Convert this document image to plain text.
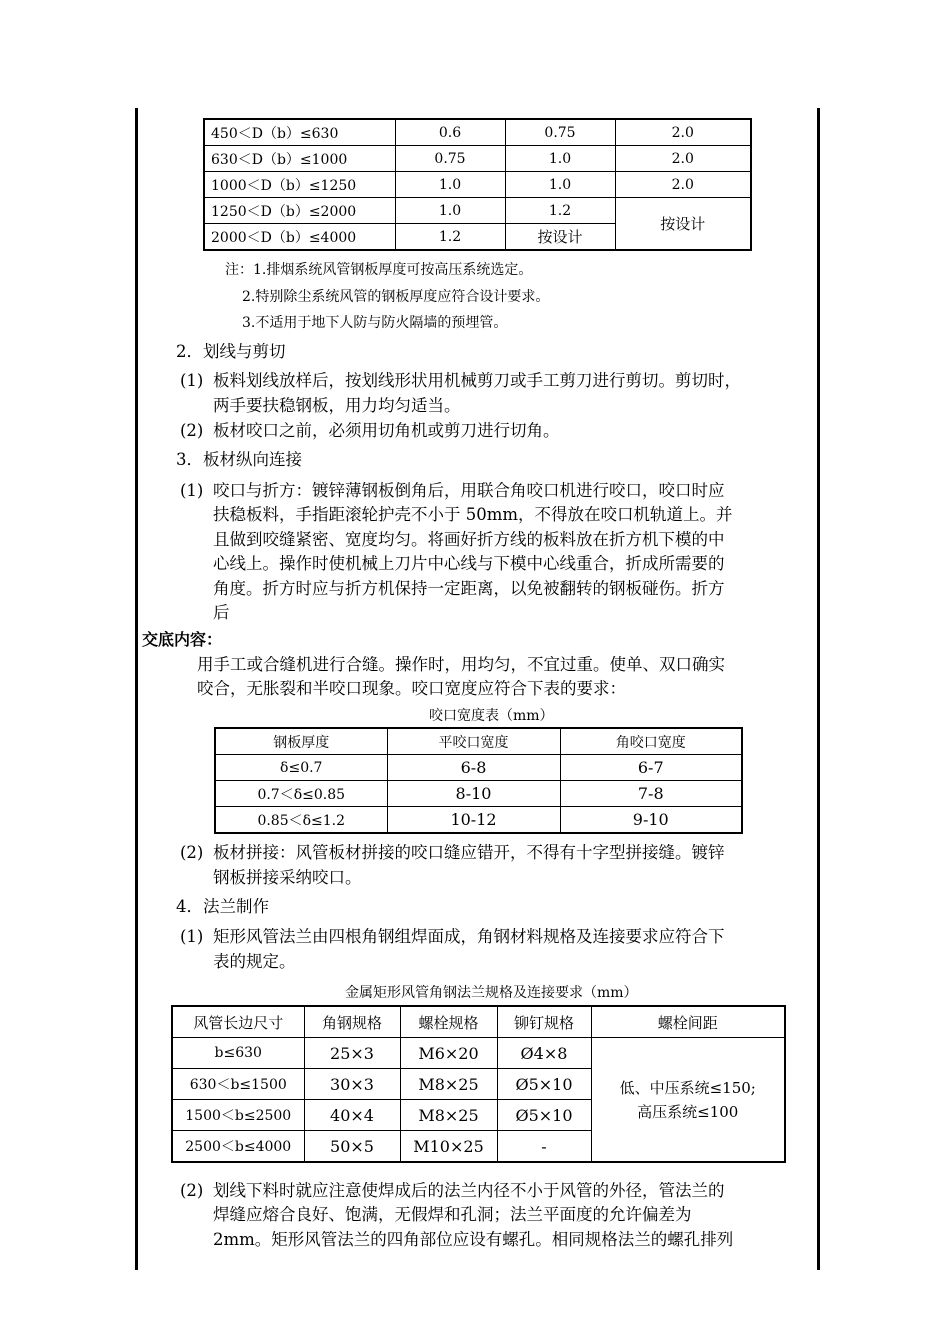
450＜D（b）≤630	0.6	0.75	2.0
630＜D（b）≤1000	0.75	1.0	2.0
1000＜D（b）≤1250	1.0	1.0	2.0
1250＜D（b）≤2000	1.0	1.2	按设计
2000＜D（b）≤4000	1.2	按设计	
注：1.排烟系统风管钢板厚度可按高压系统选定。
2.特别除尘系统风管的钢板厚度应符合设计要求。
3.不适用于地下人防与防火隔墙的预埋管。
2．划线与剪切
(1) 板料划线放样后，按划线形状用机械剪刀或手工剪刀进行剪切。剪切时，
两手要扶稳钢板，用力均匀适当。
(2) 板材咬口之前，必须用切角机或剪刀进行切角。
3．板材纵向连接
(1) 咬口与折方：镀锌薄钢板倒角后，用联合角咬口机进行咬口，咬口时应
扶稳板料，手指距滚轮护壳不小于 50mm，不得放在咬口机轨道上。并
且做到咬缝紧密、宽度均匀。将画好折方线的板料放在折方机下模的中
心线上。操作时使机械上刀片中心线与下模中心线重合，折成所需要的
角度。折方时应与折方机保持一定距离，以免被翻转的钢板碰伤。折方
后
交底内容：
用手工或合缝机进行合缝。操作时，用均匀，不宜过重。使单、双口确实
咬合，无胀裂和半咬口现象。咬口宽度应符合下表的要求：
咬口宽度表（mm）
钢板厚度	平咬口宽度	角咬口宽度
δ≤0.7	6-8	6-7
0.7＜δ≤0.85	8-10	7-8
0.85＜δ≤1.2	10-12	9-10
(2) 板材拼接：风管板材拼接的咬口缝应错开，不得有十字型拼接缝。镀锌
钢板拼接采纳咬口。
4．法兰制作
(1) 矩形风管法兰由四根角钢组焊面成，角钢材料规格及连接要求应符合下
表的规定。
金属矩形风管角钢法兰规格及连接要求（mm）
风管长边尺寸	角钢规格	螺栓规格	铆钉规格	螺栓间距
b≤630	25×3	M6×20	Ø4×8	低、中压系统≤150;
高压系统≤100

630＜b≤1500	30×3	M8×25	Ø5×10	
1500＜b≤2500	40×4	M8×25	Ø5×10	
2500＜b≤4000	50×5	M10×25	-	
(2) 划线下料时就应注意使焊成后的法兰内径不小于风管的外径，管法兰的
焊缝应熔合良好、饱满，无假焊和孔洞；法兰平面度的允许偏差为
2mm。矩形风管法兰的四角部位应设有螺孔。相同规格法兰的螺孔排列
